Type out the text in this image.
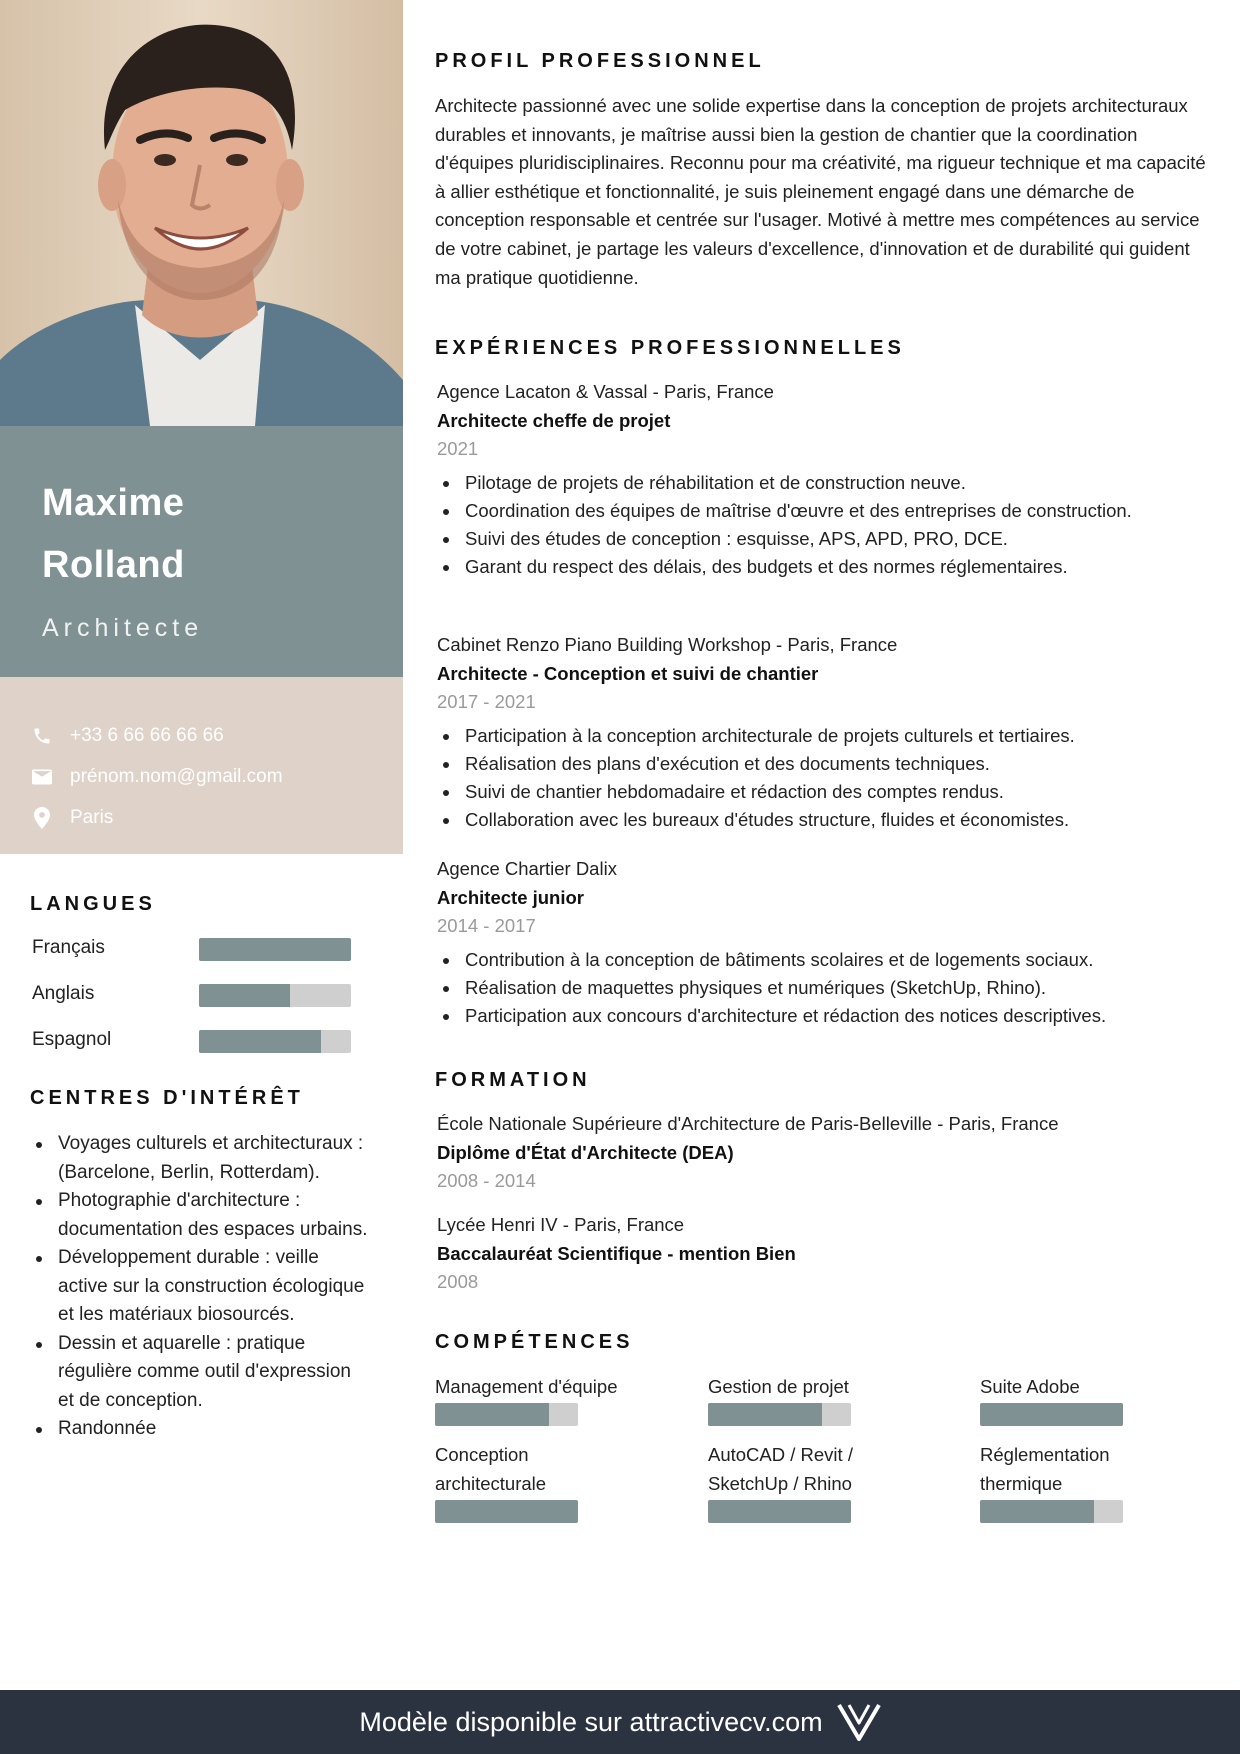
Maxime
Rolland
Architecte
+33 6 66 66 66 66
prénom.nom@gmail.com
Paris
LANGUES
Français
Anglais
Espagnol
CENTRES D'INTÉRÊT
Voyages culturels et architecturaux : (Barcelone, Berlin, Rotterdam).
Photographie d'architecture : documentation des espaces urbains.
Développement durable : veille active sur la construction écologique et les matériaux biosourcés.
Dessin et aquarelle : pratique régulière comme outil d'expression et de conception.
Randonnée
PROFIL PROFESSIONNEL

Architecte passionné avec une solide expertise dans la conception de projets architecturaux durables et innovants, je maîtrise aussi bien la gestion de chantier que la coordination d'équipes pluridisciplinaires. Reconnu pour ma créativité, ma rigueur technique et ma capacité à allier esthétique et fonctionnalité, je suis pleinement engagé dans une démarche de conception responsable et centrée sur l'usager. Motivé à mettre mes compétences au service de votre cabinet, je partage les valeurs d'excellence, d'innovation et de durabilité qui guident ma pratique quotidienne.

EXPÉRIENCES PROFESSIONNELLES
Agence Lacaton & Vassal - Paris, France
Architecte cheffe de projet
2021
Pilotage de projets de réhabilitation et de construction neuve.
Coordination des équipes de maîtrise d'œuvre et des entreprises de construction.
Suivi des études de conception : esquisse, APS, APD, PRO, DCE.
Garant du respect des délais, des budgets et des normes réglementaires.
Cabinet Renzo Piano Building Workshop - Paris, France
Architecte - Conception et suivi de chantier
2017 - 2021
Participation à la conception architecturale de projets culturels et tertiaires.
Réalisation des plans d'exécution et des documents techniques.
Suivi de chantier hebdomadaire et rédaction des comptes rendus.
Collaboration avec les bureaux d'études structure, fluides et économistes.
Agence Chartier Dalix
Architecte junior
2014 - 2017
Contribution à la conception de bâtiments scolaires et de logements sociaux.
Réalisation de maquettes physiques et numériques (SketchUp, Rhino).
Participation aux concours d'architecture et rédaction des notices descriptives.
FORMATION
École Nationale Supérieure d'Architecture de Paris-Belleville - Paris, France
Diplôme d'État d'Architecte (DEA)
2008 - 2014
Lycée Henri IV - Paris, France
Baccalauréat Scientifique - mention Bien
2008
COMPÉTENCES
Management d'équipe	Gestion de projet	Suite Adobe
Conception architecturale
AutoCAD / Revit / SketchUp / Rhino
Réglementation thermique
Modèle disponible sur attractivecv.com
